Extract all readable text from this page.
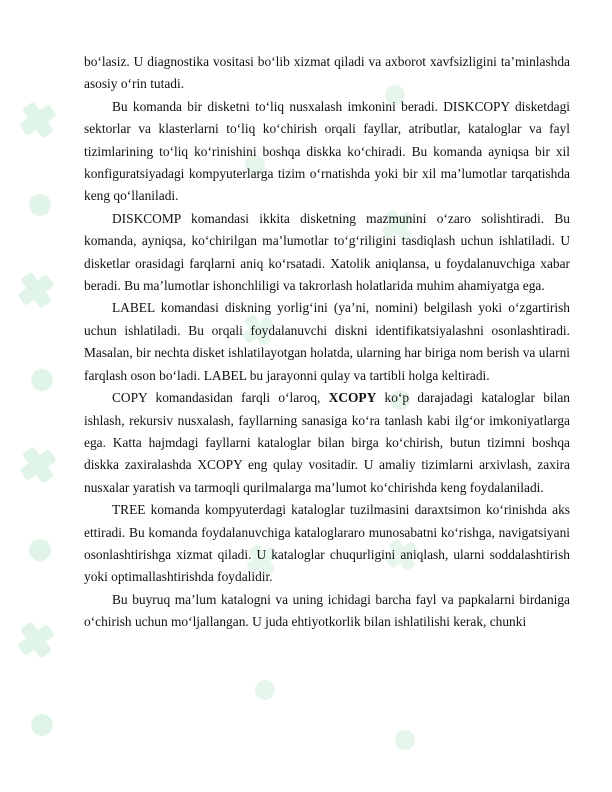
bo‘lasiz. U diagnostika vositasi bo‘lib xizmat qiladi va axborot xavfsizligini ta’minlashda asosiy o‘rin tutadi.

Bu komanda bir disketni to‘liq nusxalash imkonini beradi. DISKCOPY disketdagi sektorlar va klasterlarni to‘liq ko‘chirish orqali fayllar, atributlar, kataloglar va fayl tizimlarining to‘liq ko‘rinishini boshqa diskka ko‘chiradi. Bu komanda ayniqsa bir xil konfiguratsiyadagi kompyuterlarga tizim o‘rnatishda yoki bir xil ma’lumotlar tarqatishda keng qo‘llaniladi.

DISKCOMP komandasi ikkita disketning mazmunini o‘zaro solishtiradi. Bu komanda, ayniqsa, ko‘chirilgan ma’lumotlar to‘g‘riligini tasdiqlash uchun ishlatiladi. U disketlar orasidagi farqlarni aniq ko‘rsatadi. Xatolik aniqlansa, u foydalanuvchiga xabar beradi. Bu ma’lumotlar ishonchliligi va takrorlash holatlarida muhim ahamiyatga ega.

LABEL komandasi diskning yorlig‘ini (ya’ni, nomini) belgilash yoki o‘zgartirish uchun ishlatiladi. Bu orqali foydalanuvchi diskni identifikatsiyalashni osonlashtiradi. Masalan, bir nechta disket ishlatilayotgan holatda, ularning har biriga nom berish va ularni farqlash oson bo‘ladi. LABEL bu jarayonni qulay va tartibli holga keltiradi.

COPY komandasidan farqli o‘laroq, XCOPY ko‘p darajadagi kataloglar bilan ishlash, rekursiv nusxalash, fayllarning sanasiga ko‘ra tanlash kabi ilg‘or imkoniyatlarga ega. Katta hajmdagi fayllarni kataloglar bilan birga ko‘chirish, butun tizimni boshqa diskka zaxiralashda XCOPY eng qulay vositadir. U amaliy tizimlarni arxivlash, zaxira nusxalar yaratish va tarmoqli qurilmalarga ma’lumot ko‘chirishda keng foydalaniladi.

TREE komanda kompyuterdagi kataloglar tuzilmasini daraxtsimon ko‘rinishda aks ettiradi. Bu komanda foydalanuvchiga kataloglararo munosabatni ko‘rishga, navigatsiyani osonlashtirishga xizmat qiladi. U kataloglar chuqurligini aniqlash, ularni soddalashtirish yoki optimallashtirishda foydalidir.

Bu buyruq ma’lum katalogni va uning ichidagi barcha fayl va papkalarni birdaniga o‘chirish uchun mo‘ljallangan. U juda ehtiyotkorlik bilan ishlatilishi kerak, chunki
